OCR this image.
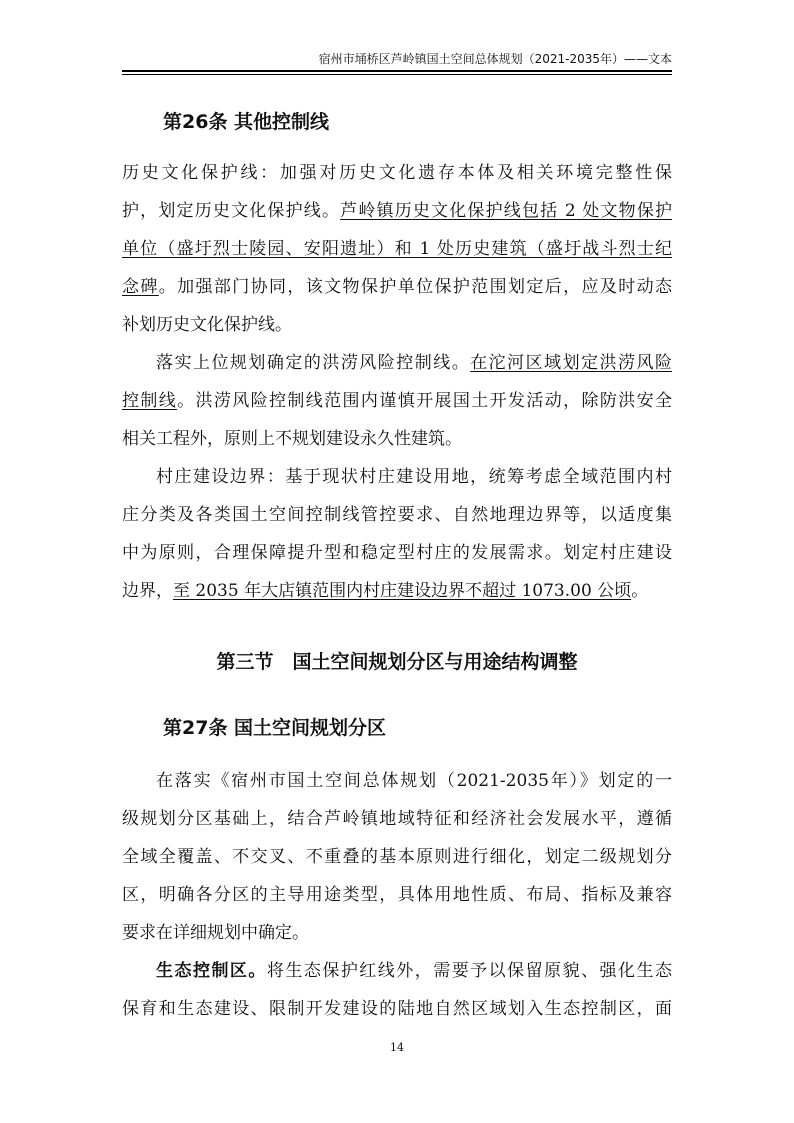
宿州市埇桥区芦岭镇国土空间总体规划（2021-2035年）——文本
第26条 其他控制线
历史文化保护线：加强对历史文化遗存本体及相关环境完整性保
护，划定历史文化保护线。芦岭镇历史文化保护线包括 2 处文物保护
单位（盛圩烈士陵园、安阳遗址）和 1 处历史建筑（盛圩战斗烈士纪
念碑。加强部门协同，该文物保护单位保护范围划定后，应及时动态
补划历史文化保护线。
落实上位规划确定的洪涝风险控制线。在沱河区域划定洪涝风险
控制线。洪涝风险控制线范围内谨慎开展国土开发活动，除防洪安全
相关工程外，原则上不规划建设永久性建筑。
村庄建设边界：基于现状村庄建设用地，统筹考虑全域范围内村
庄分类及各类国土空间控制线管控要求、自然地理边界等，以适度集
中为原则，合理保障提升型和稳定型村庄的发展需求。划定村庄建设
边界，至 2035 年大店镇范围内村庄建设边界不超过 1073.00 公顷。
第三节　国土空间规划分区与用途结构调整
第27条 国土空间规划分区
在落实《宿州市国土空间总体规划（2021-2035年）》划定的一
级规划分区基础上，结合芦岭镇地域特征和经济社会发展水平，遵循
全域全覆盖、不交叉、不重叠的基本原则进行细化，划定二级规划分
区，明确各分区的主导用途类型，具体用地性质、布局、指标及兼容
要求在详细规划中确定。
生态控制区。将生态保护红线外，需要予以保留原貌、强化生态
保育和生态建设、限制开发建设的陆地自然区域划入生态控制区，面
14
